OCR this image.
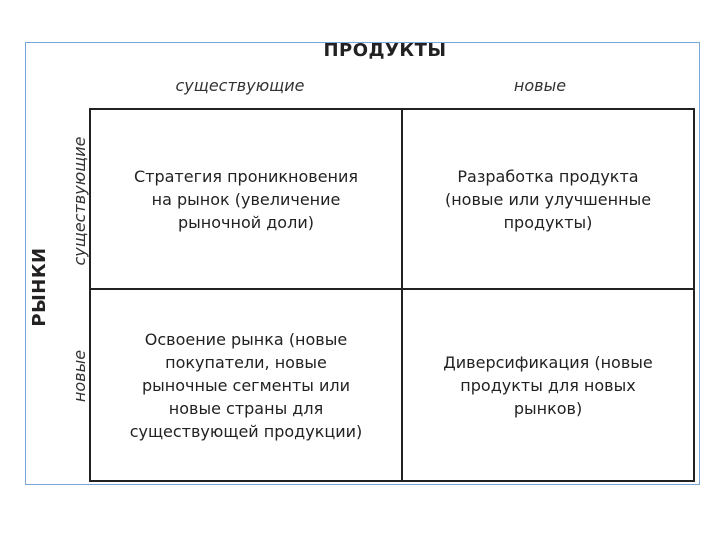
ПРОДУКТЫ
существующие	новые
РЫНКИ
существующие
новые
Стратегия проникновения
на рынок (увеличение
рыночной доли)
Разработка продукта
(новые или улучшенные
продукты)
Освоение рынка (новые
покупатели, новые
рыночные сегменты или
новые страны для
существующей продукции)
Диверсификация (новые
продукты для новых
рынков)
